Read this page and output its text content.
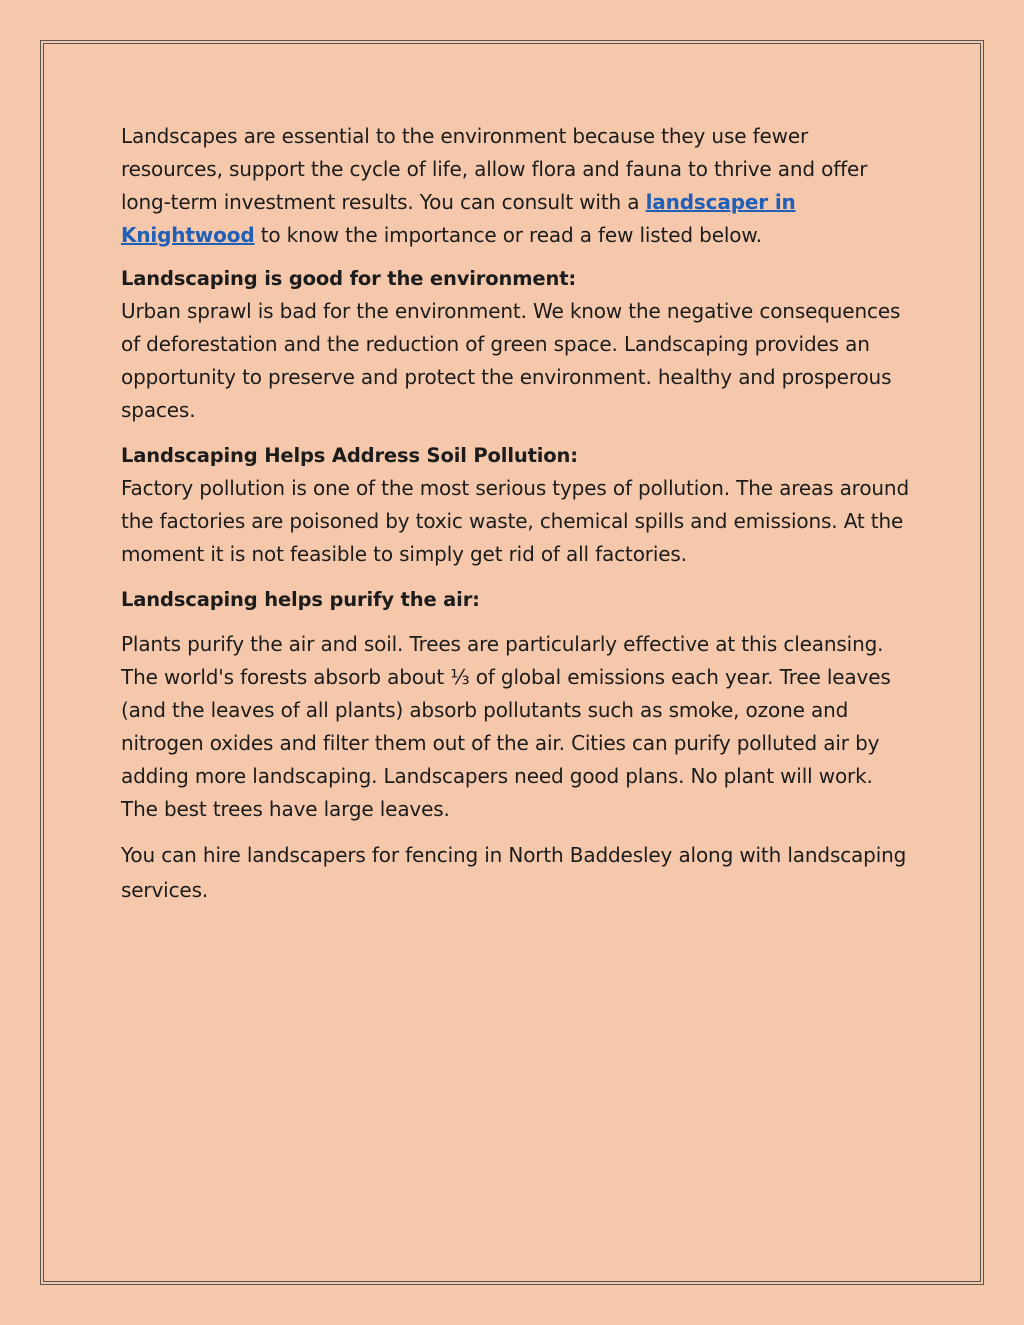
Landscapes are essential to the environment because they use fewer resources, support the cycle of life, allow flora and fauna to thrive and offer long-term investment results. You can consult with a landscaper in Knightwood to know the importance or read a few listed below.

Landscaping is good for the environment:

Urban sprawl is bad for the environment. We know the negative consequences of deforestation and the reduction of green space. Landscaping provides an opportunity to preserve and protect the environment. healthy and prosperous spaces.

Landscaping Helps Address Soil Pollution:

Factory pollution is one of the most serious types of pollution. The areas around the factories are poisoned by toxic waste, chemical spills and emissions. At the moment it is not feasible to simply get rid of all factories.

Landscaping helps purify the air:

Plants purify the air and soil. Trees are particularly effective at this cleansing. The world's forests absorb about ⅓ of global emissions each year. Tree leaves (and the leaves of all plants) absorb pollutants such as smoke, ozone and nitrogen oxides and filter them out of the air. Cities can purify polluted air by adding more landscaping. Landscapers need good plans. No plant will work. The best trees have large leaves.

You can hire landscapers for fencing in North Baddesley along with landscaping services.
